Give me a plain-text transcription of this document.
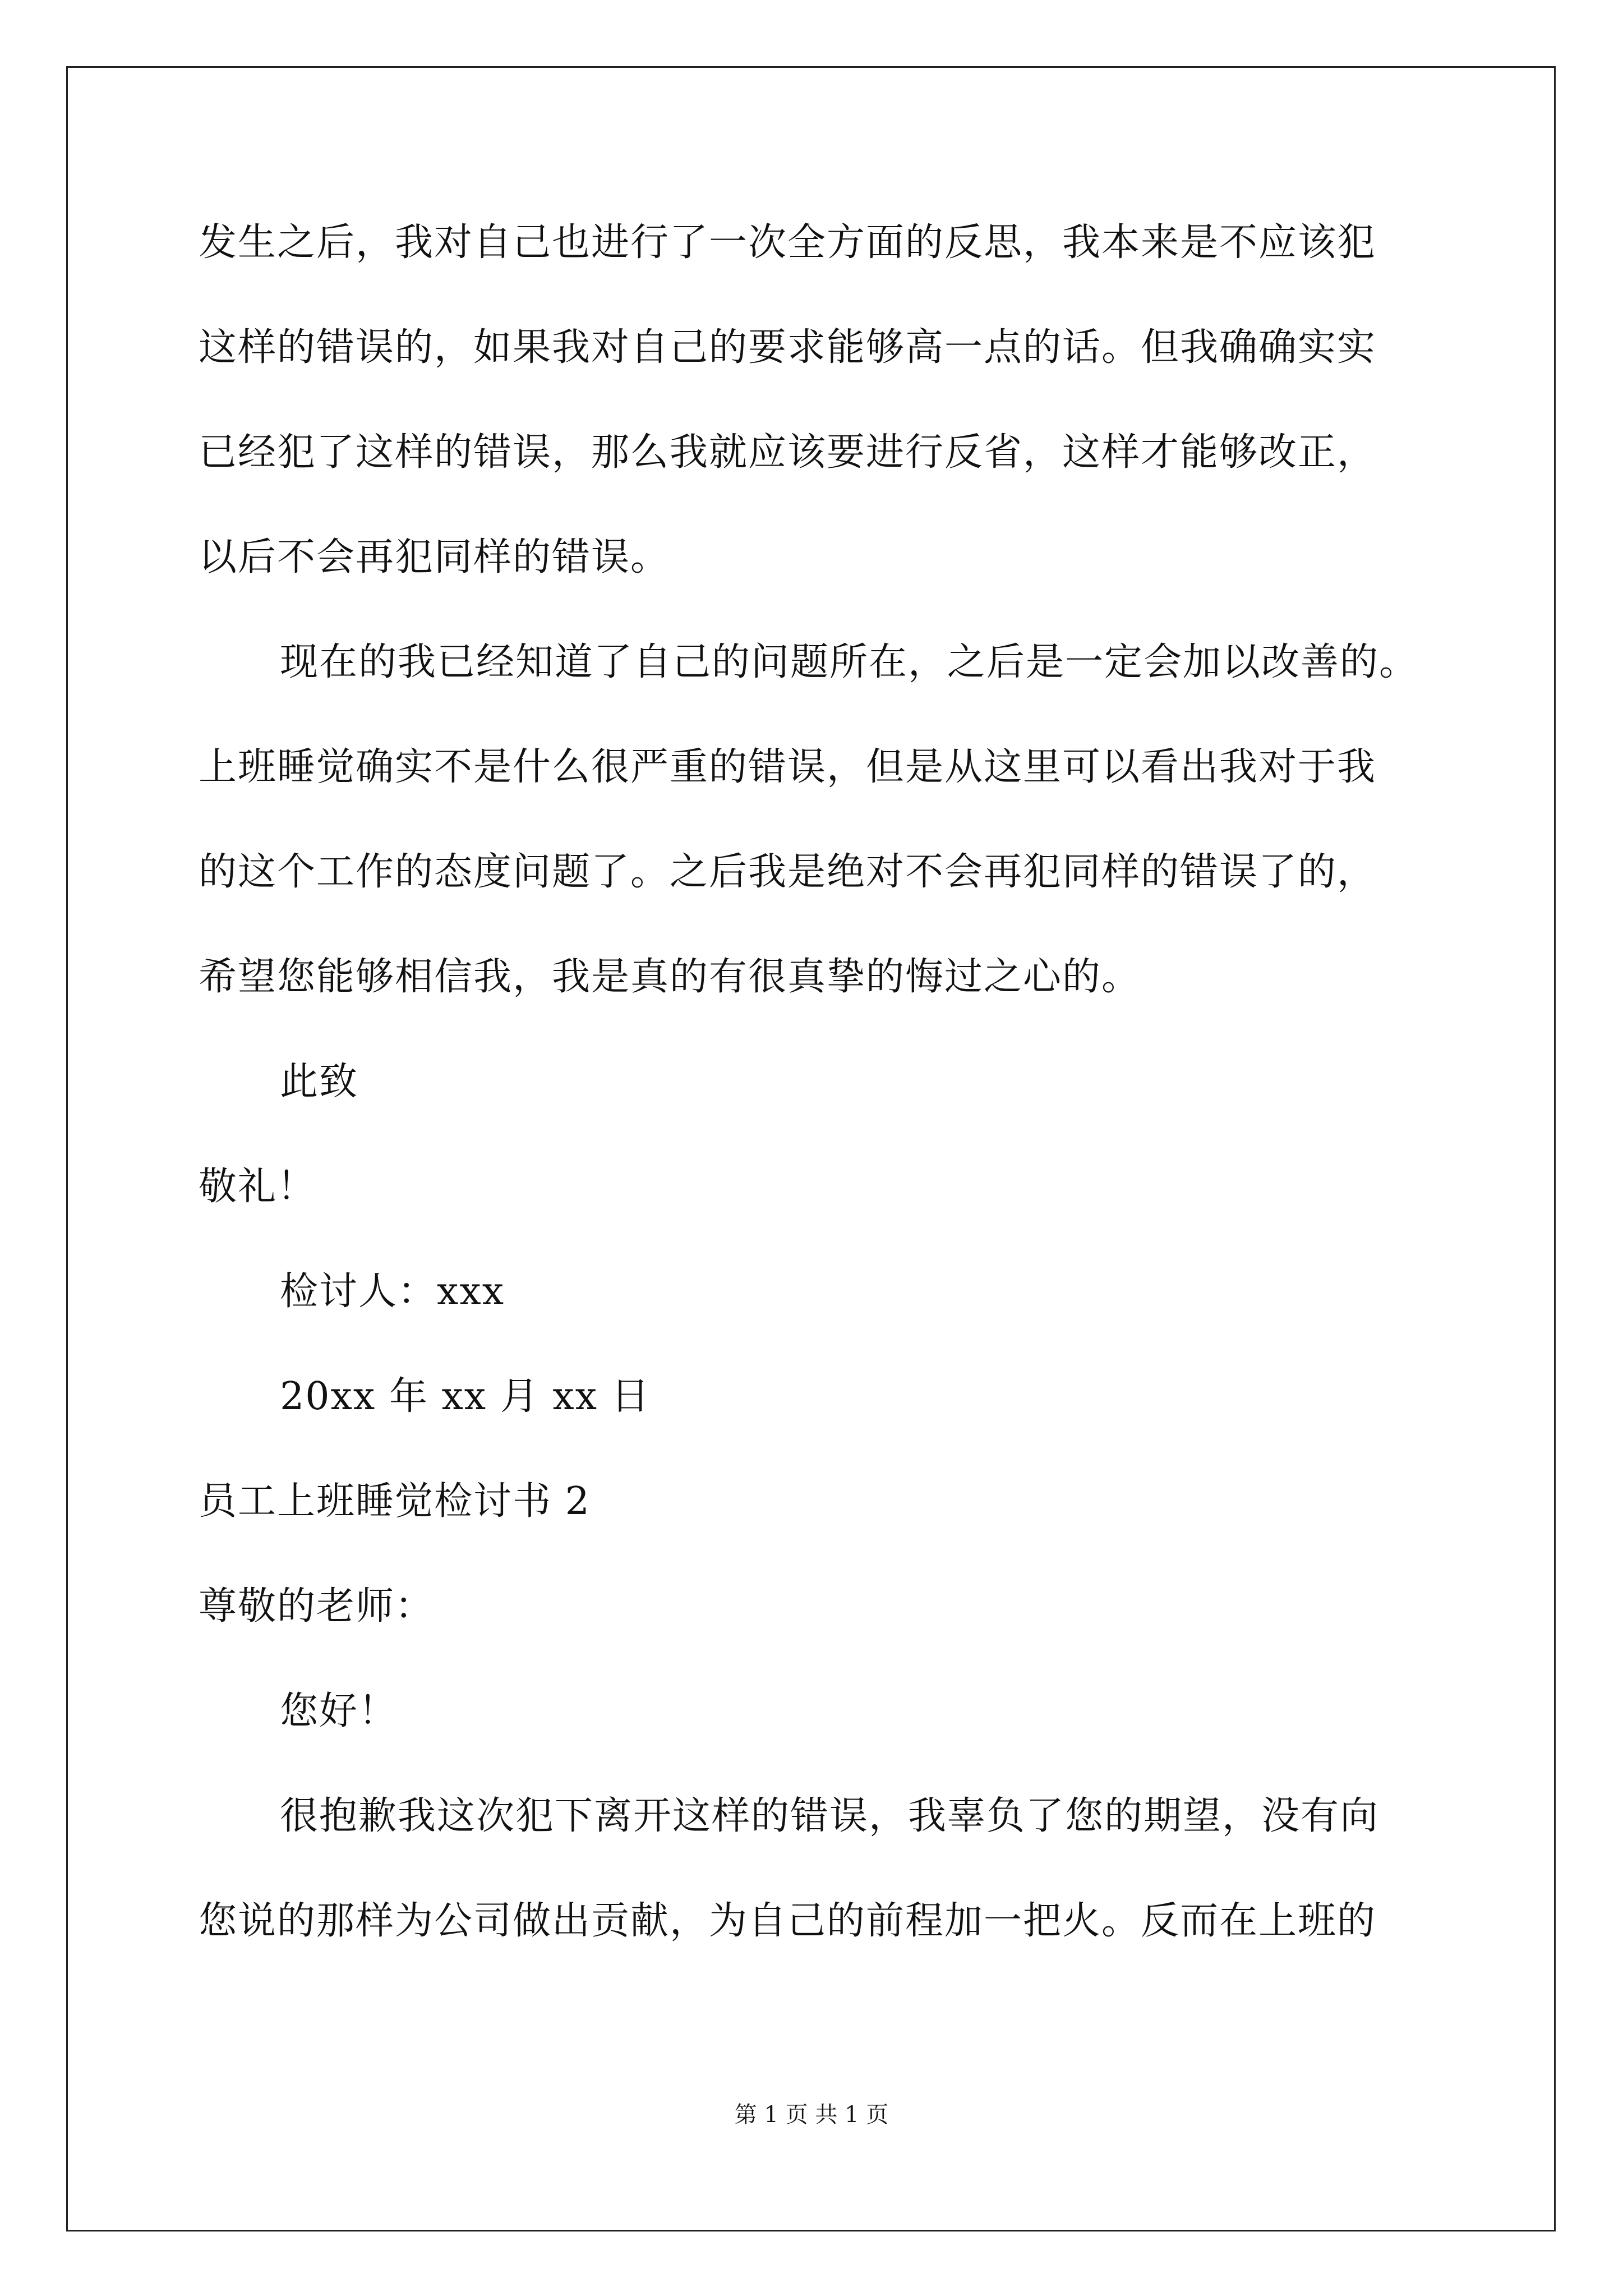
发生之后，我对自己也进行了一次全方面的反思，我本来是不应该犯
这样的错误的，如果我对自己的要求能够高一点的话。但我确确实实
已经犯了这样的错误，那么我就应该要进行反省，这样才能够改正，
以后不会再犯同样的错误。
现在的我已经知道了自己的问题所在，之后是一定会加以改善的。
上班睡觉确实不是什么很严重的错误，但是从这里可以看出我对于我
的这个工作的态度问题了。之后我是绝对不会再犯同样的错误了的，
希望您能够相信我，我是真的有很真挚的悔过之心的。
此致
敬礼！
检讨人：xxx
20xx 年 xx 月 xx 日
员工上班睡觉检讨书 2
尊敬的老师：
您好！
很抱歉我这次犯下离开这样的错误，我辜负了您的期望，没有向
您说的那样为公司做出贡献，为自己的前程加一把火。反而在上班的
第 1 页 共 1 页
